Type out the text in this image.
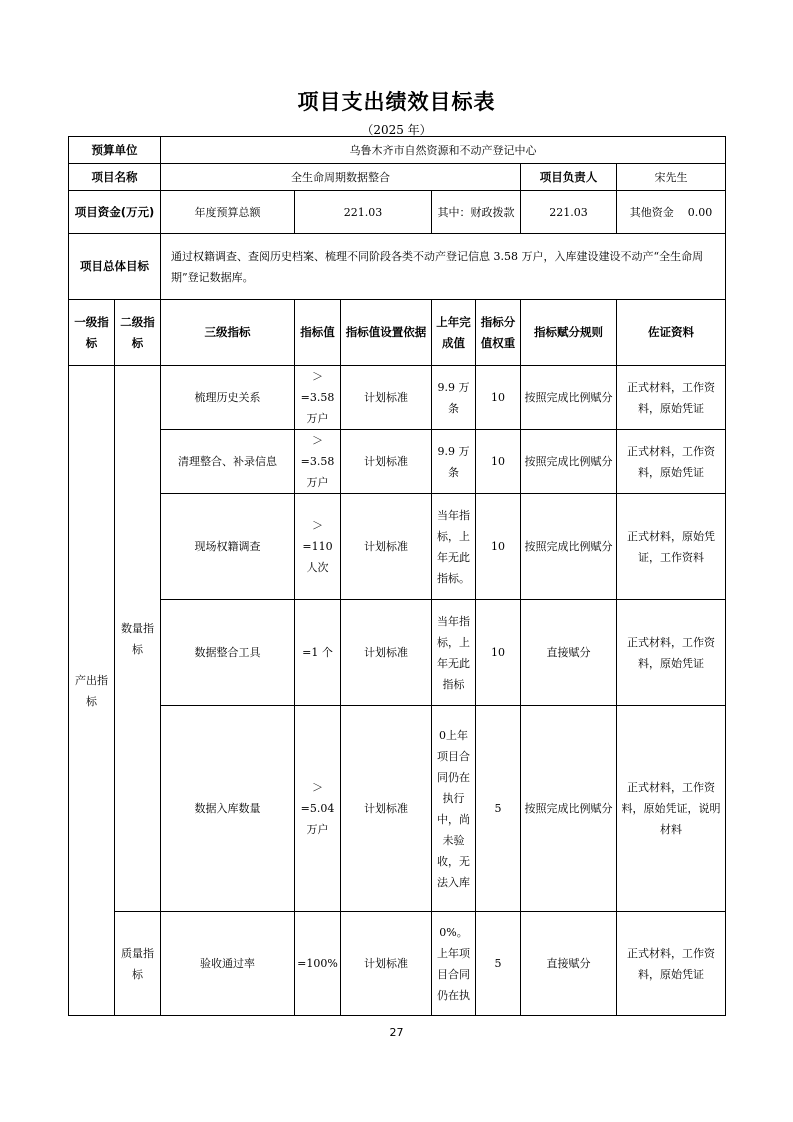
项目支出绩效目标表
（2025 年）
预算单位		乌鲁木齐市自然资源和不动产登记中心						
项目名称		全生命周期数据整合					项目负责人	宋先生
项目资金(万元)		年度预算总额	221.03		其中：财政拨款		221.03	其他资金 0.00
项目总体目标		通过权籍调查、查阅历史档案、梳理不同阶段各类不动产登记信息 3.58 万户，入库建设建设不动产“全生命周期”登记数据库。						
一级指标	二级指标	三级指标	指标值	指标值设置依据	上年完成值	指标分值权重	指标赋分规则	佐证资料
产出指标	数量指标	梳理历史关系	＞=3.58万户	计划标准	9.9 万条	10	按照完成比例赋分	正式材料，工作资料，原始凭证
		清理整合、补录信息	＞=3.58万户	计划标准	9.9 万条	10	按照完成比例赋分	正式材料，工作资料，原始凭证
		现场权籍调查	＞=110人次	计划标准	当年指标，上年无此指标。	10	按照完成比例赋分	正式材料，原始凭证，工作资料
		数据整合工具	=1 个	计划标准	当年指标，上年无此指标	10	直接赋分	正式材料，工作资料，原始凭证
		数据入库数量	＞=5.04万户	计划标准	0上年项目合同仍在执行中，尚未验收，无法入库	5	按照完成比例赋分	正式材料，工作资料，原始凭证，说明材料
	质量指标	验收通过率	=100%	计划标准	0%。上年项目合同仍在执	5	直接赋分	正式材料，工作资料，原始凭证
27
